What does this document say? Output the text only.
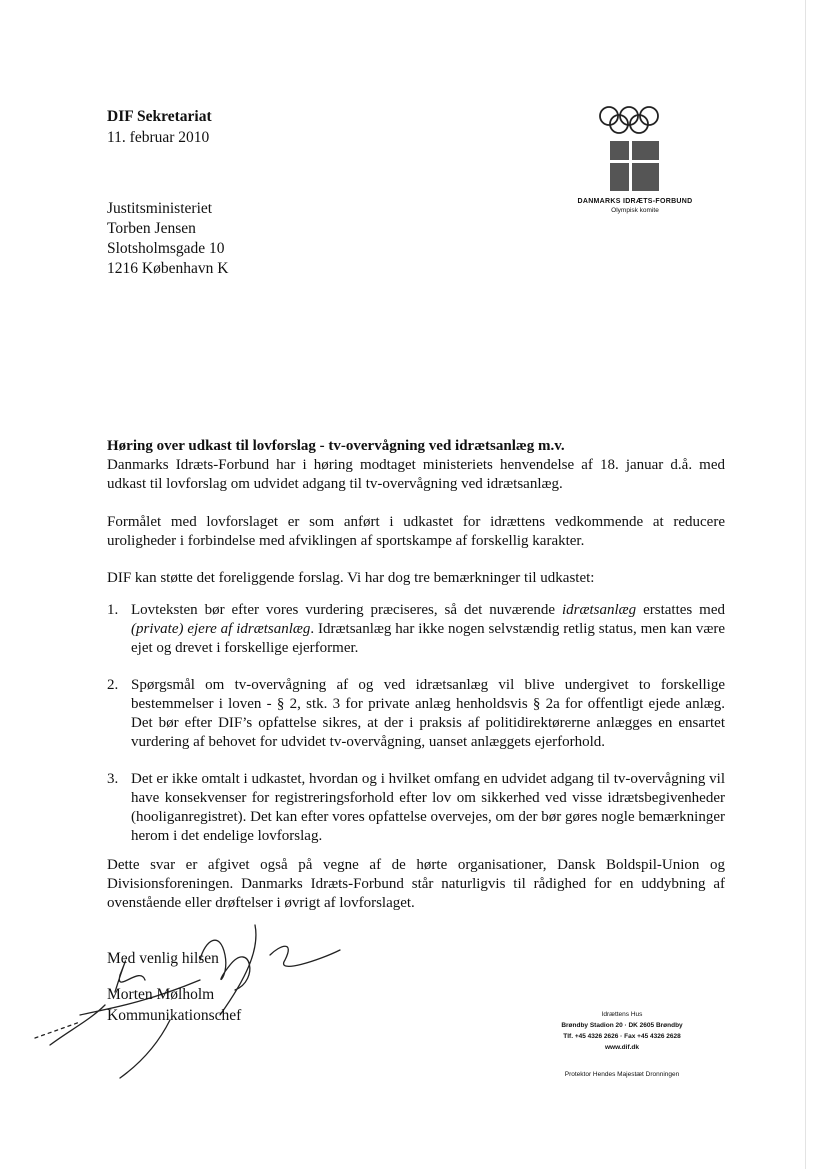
DIF Sekretariat
11. februar 2010
DANMARKS IDRÆTS-FORBUND
Olympisk komite
Justitsministeriet
Torben Jensen
Slotsholmsgade 10
1216 København K
Høring over udkast til lovforslag - tv-overvågning ved idrætsanlæg m.v.
Danmarks Idræts-Forbund har i høring modtaget ministeriets henvendelse af 18. januar d.å. med udkast til lovforslag om udvidet adgang til tv-overvågning ved idrætsanlæg.
Formålet med lovforslaget er som anført i udkastet for idrættens vedkommende at reducere uroligheder i forbindelse med afviklingen af sportskampe af forskellig karakter.
DIF kan støtte det foreliggende forslag. Vi har dog tre bemærkninger til udkastet:
1. Lovteksten bør efter vores vurdering præciseres, så det nuværende idrætsanlæg erstattes med (private) ejere af idrætsanlæg. Idrætsanlæg har ikke nogen selvstændig retlig status, men kan være ejet og drevet i forskellige ejerformer.
2. Spørgsmål om tv-overvågning af og ved idrætsanlæg vil blive undergivet to forskellige bestemmelser i loven - § 2, stk. 3 for private anlæg henholdsvis § 2a for offentligt ejede anlæg. Det bør efter DIF’s opfattelse sikres, at der i praksis af politidirektørerne anlægges en ensartet vurdering af behovet for udvidet tv-overvågning, uanset anlæggets ejerforhold.
3. Det er ikke omtalt i udkastet, hvordan og i hvilket omfang en udvidet adgang til tv-overvågning vil have konsekvenser for registreringsforhold efter lov om sikkerhed ved visse idrætsbegivenheder (hooliganregistret). Det kan efter vores opfattelse overvejes, om der bør gøres nogle bemærkninger herom i det endelige lovforslag.
Dette svar er afgivet også på vegne af de hørte organisationer, Dansk Boldspil-Union og Divisionsforeningen. Danmarks Idræts-Forbund står naturligvis til rådighed for en uddybning af ovenstående eller drøftelser i øvrigt af lovforslaget.
Med venlig hilsen
Morten Mølholm
Kommunikationschef	Idrættens Hus
Brøndby Stadion 20 · DK 2605 Brøndby
Tlf. +45 4326 2626 · Fax +45 4326 2628
www.dif.dk
Protektor Hendes Majestæt Dronningen
